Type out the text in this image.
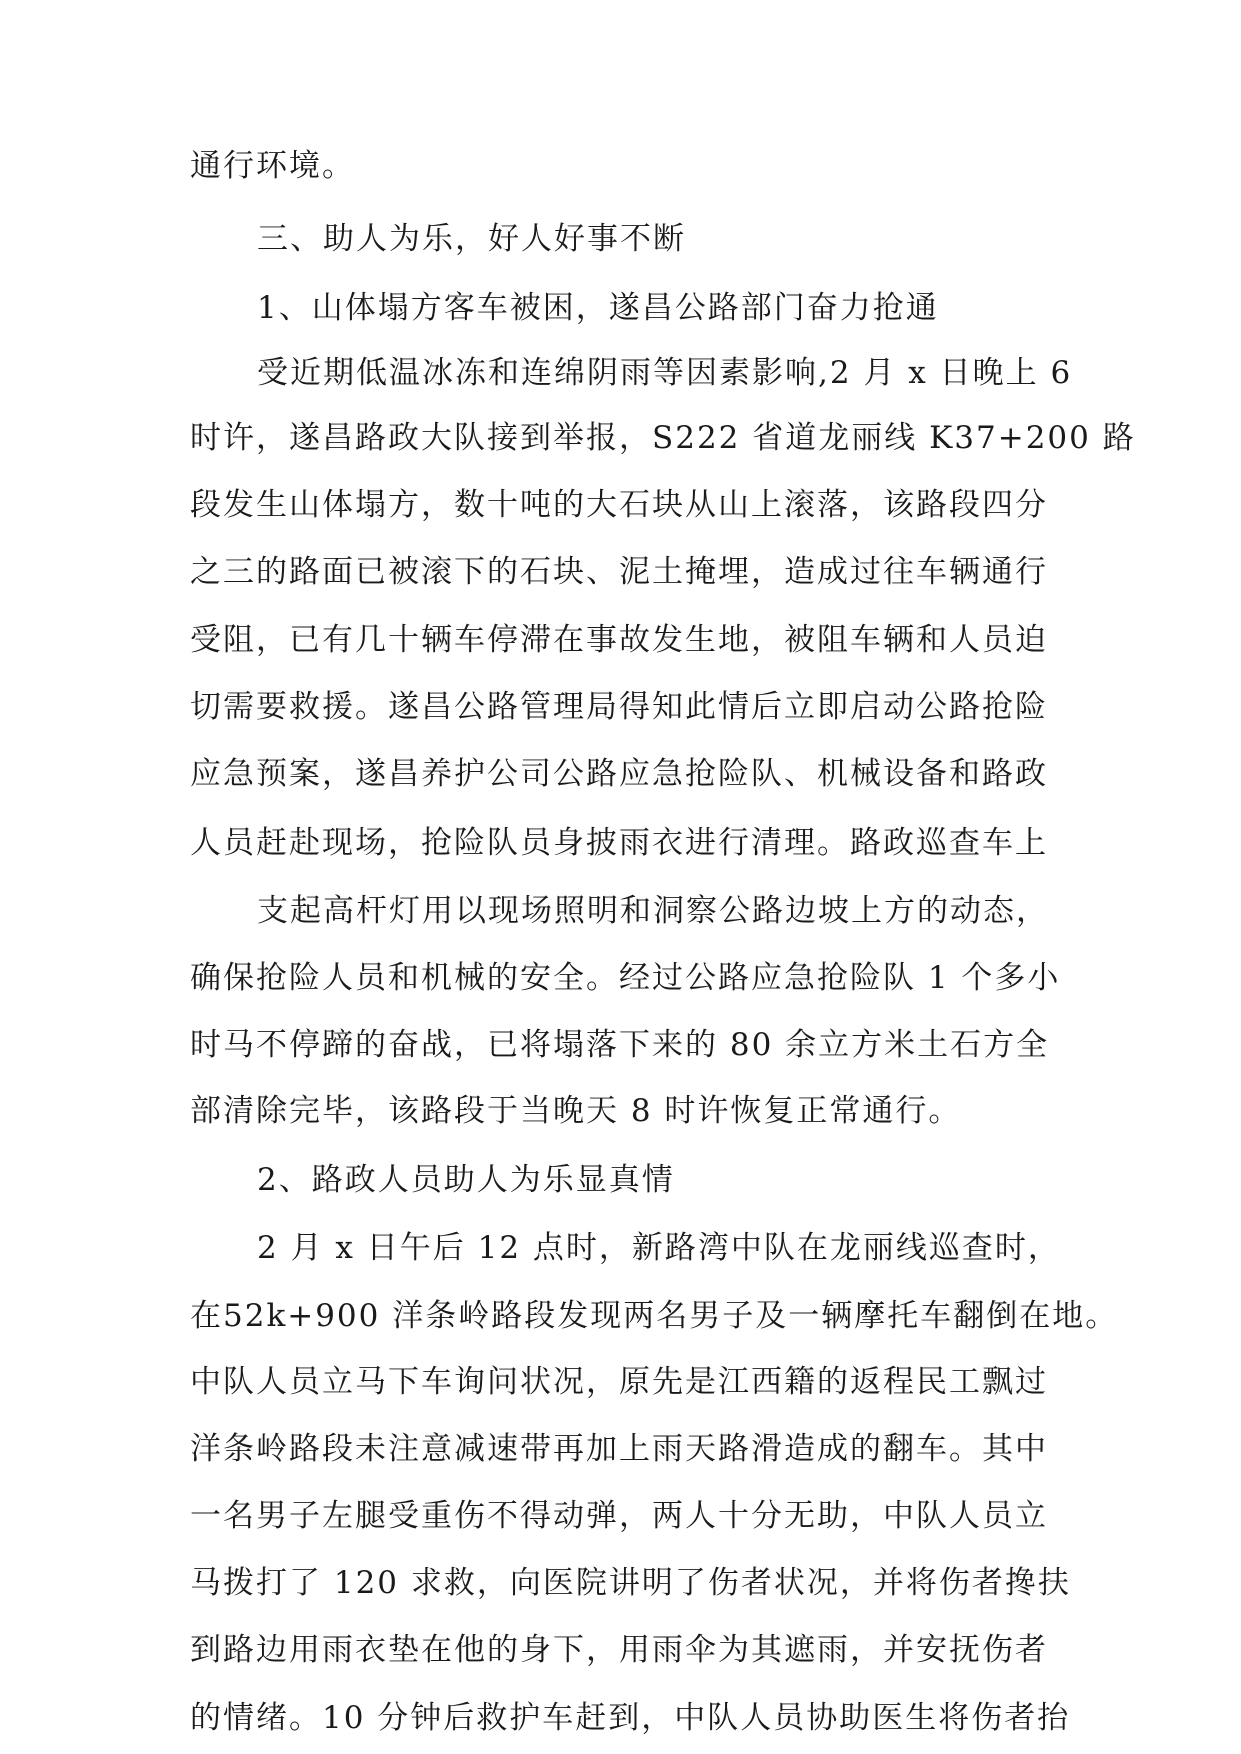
通行环境。
三、助人为乐，好人好事不断
1、山体塌方客车被困，遂昌公路部门奋力抢通
受近期低温冰冻和连绵阴雨等因素影响,2 月 x 日晚上 6
时许，遂昌路政大队接到举报，S222 省道龙丽线 K37+200 路
段发生山体塌方，数十吨的大石块从山上滚落，该路段四分
之三的路面已被滚下的石块、泥土掩埋，造成过往车辆通行
受阻，已有几十辆车停滞在事故发生地，被阻车辆和人员迫
切需要救援。遂昌公路管理局得知此情后立即启动公路抢险
应急预案，遂昌养护公司公路应急抢险队、机械设备和路政
人员赶赴现场，抢险队员身披雨衣进行清理。路政巡查车上
支起高杆灯用以现场照明和洞察公路边坡上方的动态，
确保抢险人员和机械的安全。经过公路应急抢险队 1 个多小
时马不停蹄的奋战，已将塌落下来的 80 余立方米土石方全
部清除完毕，该路段于当晚天 8 时许恢复正常通行。
2、路政人员助人为乐显真情
2 月 x 日午后 12 点时，新路湾中队在龙丽线巡查时，
在52k+900 洋条岭路段发现两名男子及一辆摩托车翻倒在地。
中队人员立马下车询问状况，原先是江西籍的返程民工飘过
洋条岭路段未注意减速带再加上雨天路滑造成的翻车。其中
一名男子左腿受重伤不得动弹，两人十分无助，中队人员立
马拨打了 120 求救，向医院讲明了伤者状况，并将伤者搀扶
到路边用雨衣垫在他的身下，用雨伞为其遮雨，并安抚伤者
的情绪。10 分钟后救护车赶到，中队人员协助医生将伤者抬
